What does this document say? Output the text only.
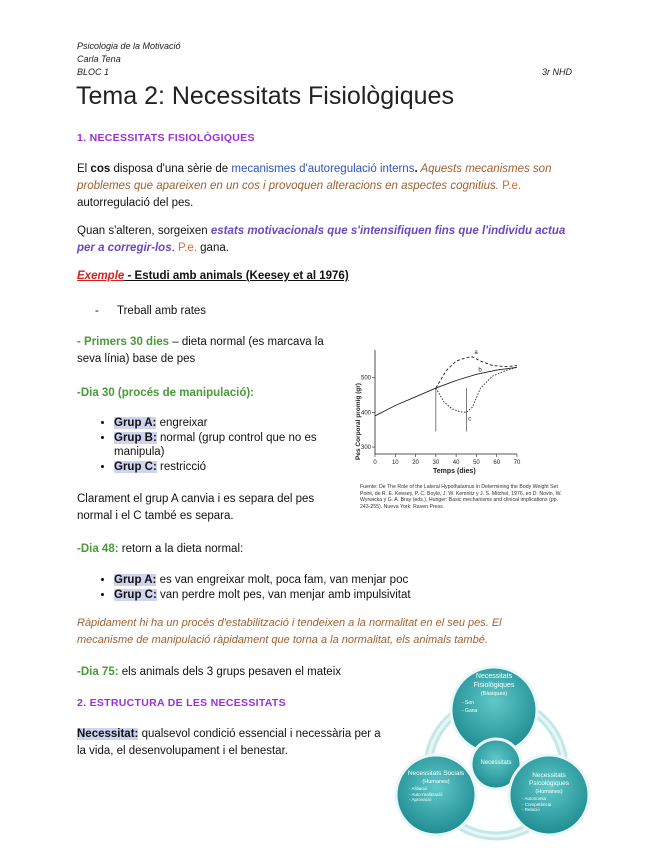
Psicologia de la Motivació
Carla Tena
BLOC 1	3r NHD
Tema 2: Necessitats Fisiològiques
1. NECESSITATS FISIOLÒGIQUES
El cos disposa d'una sèrie de mecanismes d'autoregulació interns. Aquests mecanismes son problemes que apareixen en un cos i provoquen alteracions en aspectes cognitius. P.e.
autorregulació del pes.
Quan s'alteren, sorgeixen estats motivacionals que s'intensifiquen fins que l'individu actua per a corregir-los. P.e. gana.
Exemple - Estudi amb animals (Keesey et al 1976)
- Treball amb rates
- Primers 30 dies – dieta normal (es marcava la seva línia) base de pes
-Dia 30 (procés de manipulació):
• Grup A: engreixar
• Grup B: normal (grup control que no es manipula)
• Grup C: restricció
Clarament el grup A canvia i es separa del pes normal i el C també es separa.
-Dia 48: retorn a la dieta normal:
• Grup A: es van engreixar molt, poca fam, van menjar poc
• Grup C: van perdre molt pes, van menjar amb impulsivitat
Ràpidament hi ha un procés d'estabilització i tendeixen a la normalitat en el seu pes. El mecanisme de manipulació ràpidament que torna a la normalitat, els animals també.
-Dia 75: els animals dels 3 grups pesaven el mateix
2. ESTRUCTURA DE LES NECESSITATS
Necessitat: qualsevol condició essencial i necessària per a la vida, el desenvolupament i el benestar.
0	10 20 30 40 50 60 70
300
400
500
a
b
c
Pes Corporal promig (gr)
Temps (dies)
Fuente: De The Role of the Lateral Hypothalamus in Determining the Body Weight Set Point, de R. E. Keesey, P. C. Boyle, J. W. Kemnitz y J. S. Mitchel, 1976, en D. Novin, W. Wyrwicka y G. A. Bray (eds.), Hunger: Basic mechanisms and clinical implications (pp. 243-255). Nueva York: Raven Press.
Necessitats Fisiològiques
(Bàsiques)
- Son
- Gana
Necessitats
Necessitats Socials
(Humanes)
- Afiliació
- Auto-realització
- Aprovació
Necessitats Psicològiques
(Humanes)
- Autonomia
- Competència
- Relació
